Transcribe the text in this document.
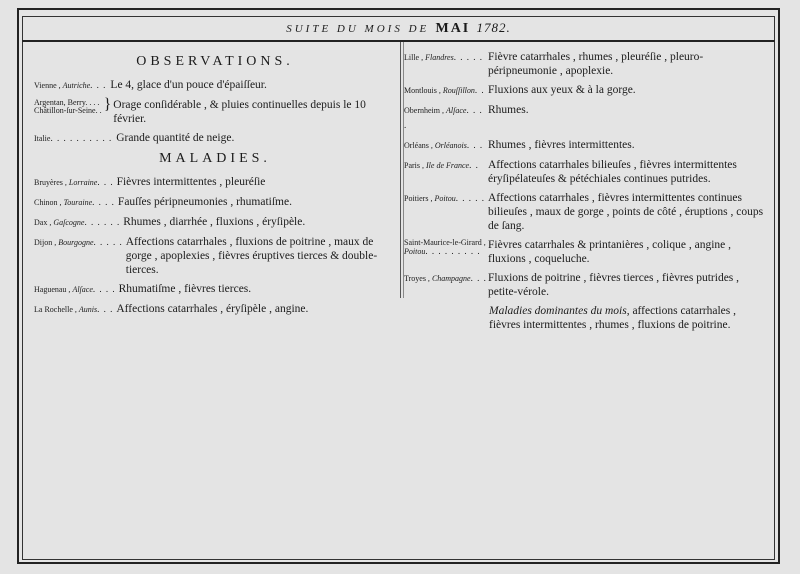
SUITE DU MOIS DE MAI 1782.
OBSERVATIONS.
Vienne , Autriche. . . Le 4, glace d'un pouce d'épaiſſeur.
Argentan, Berry. . . .
Châtillon-ſur-Seine. . } Orage conſidérable , & pluies continuelles depuis le 10 février.
Italie. . . . . . . . . . Grande quantité de neige.
MALADIES.
Bruyères , Lorraine. . . Fièvres intermittentes , pleuréſie
Chinon , Touraine. . . . Fauſſes péripneumonies , rhumatiſme.
Dax , Gaſcogne. . . . . . Rhumes , diarrhée , fluxions , éryſipèle.
Dijon , Bourgogne. . . . . Affections catarrhales , fluxions de poitrine , maux de gorge , apoplexies , fièvres éruptives tierces & double-tierces.
Haguenau , Alſace. . . . Rhumatiſme , fièvres tierces.
La Rochelle , Aunis. . . Affections catarrhales , éryſipèle , angine.
Lille , Flandres. . . . . Fièvre catarrhales , rhumes , pleuréſie , pleuro-péripneumonie , apoplexie.
Montlouis , Rouſſillon. . Fluxions aux yeux & à la gorge.
Obernheim , Alſace. . . .
Rhumes.
Orléans , Orléanois. . . Rhumes , fièvres intermittentes.
Paris , Ile de France. . Affections catarrhales bilieuſes , fièvres intermittentes éryſipélateuſes & pétéchiales continues putrides.
Poitiers , Poitou. . . . . Affections catarrhales , fièvres intermittentes continues bilieuſes , maux de gorge , points de côté , éruptions , coups de ſang.
Saint-Maurice-le-Girard , Poitou. . . . . . . . . Fièvres catarrhales & printanières , colique , angine , fluxions , coqueluche.
Troyes , Champagne. . . Fluxions de poitrine , fièvres tierces , fièvres putrides , petite-vérole.
Maladies dominantes du mois, affections catarrhales , fièvres intermittentes , rhumes , fluxions de poitrine.
